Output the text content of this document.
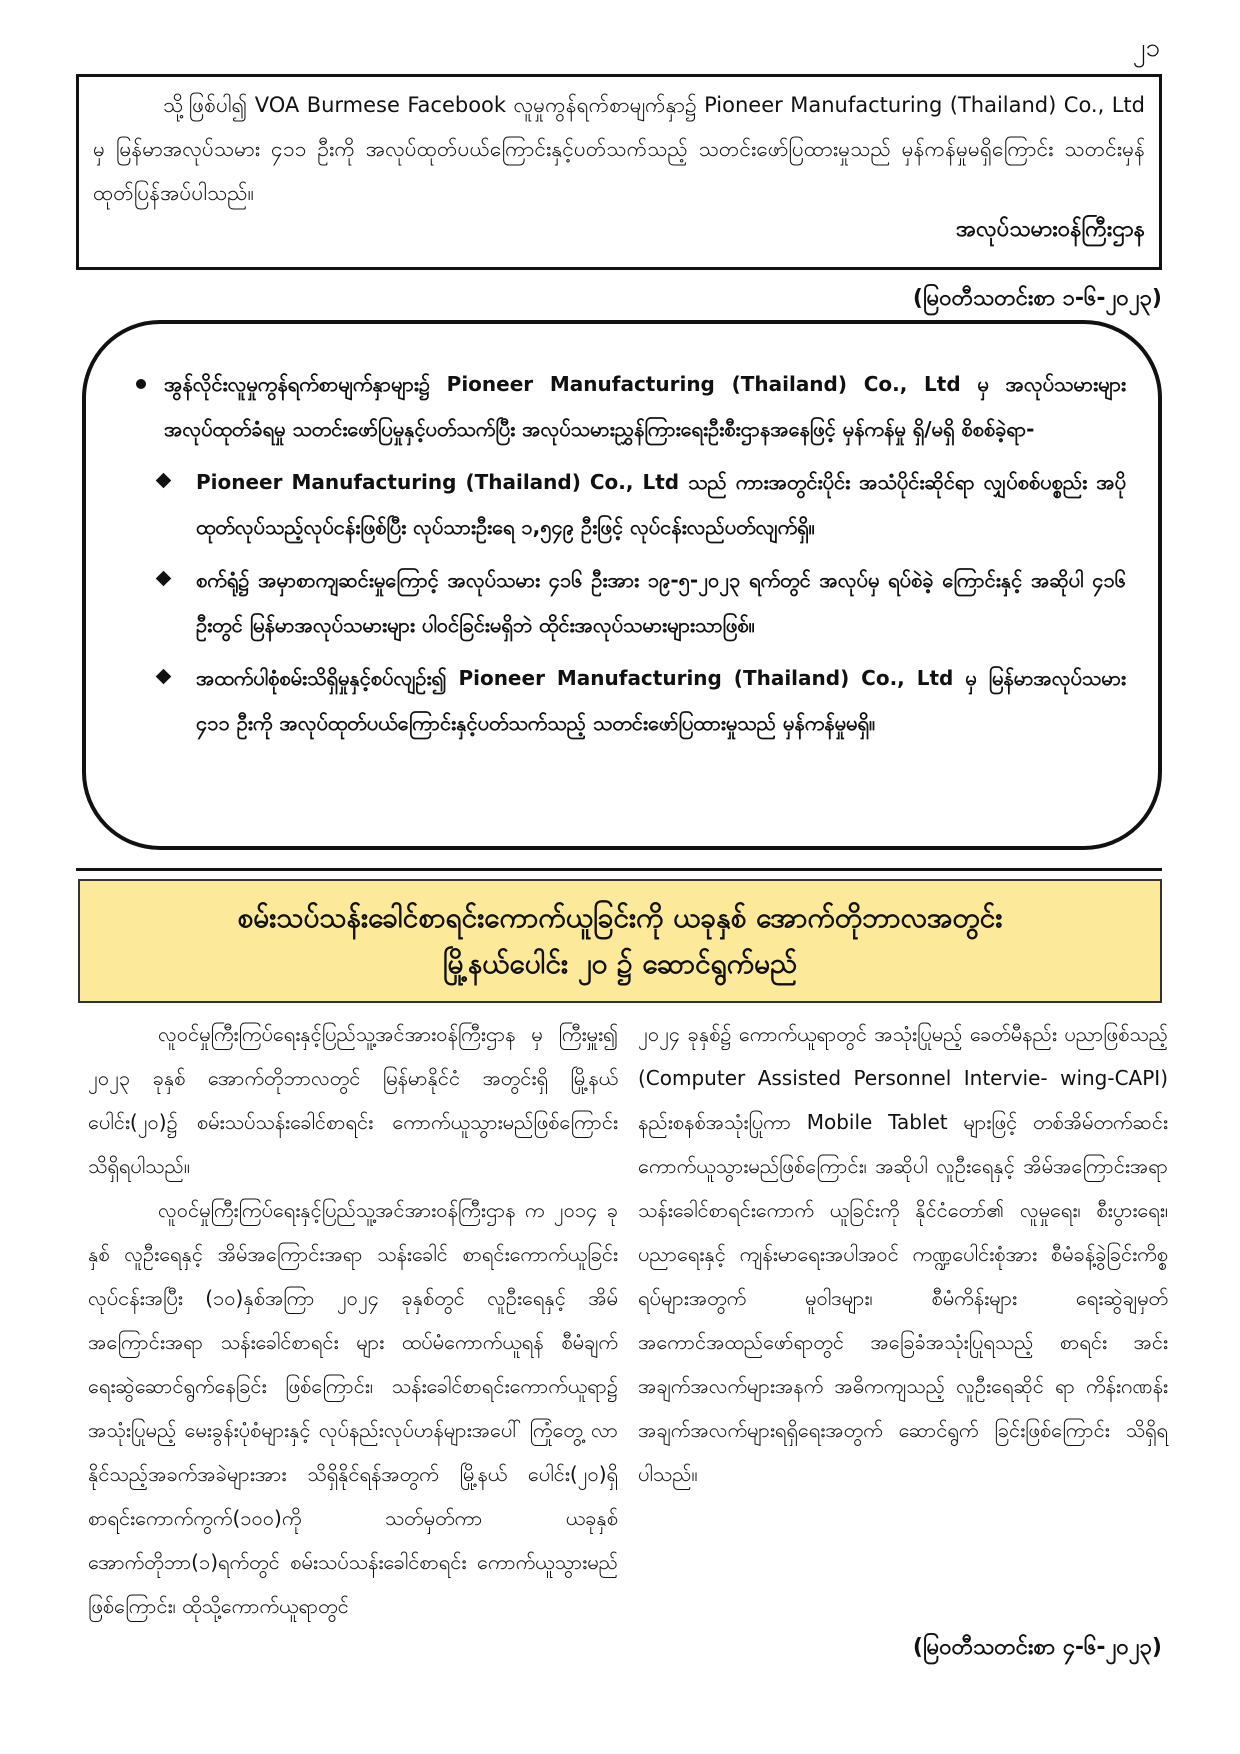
၂၁

သို့ဖြစ်ပါ၍ VOA Burmese Facebook လူမှုကွန်ရက်စာမျက်နှာ၌ Pioneer Manufacturing (Thailand) Co., Ltd မှ မြန်မာအလုပ်သမား ၄၁၁ ဦးကို အလုပ်ထုတ်ပယ်ကြောင်းနှင့်ပတ်သက်သည့် သတင်းဖော်ပြထားမှုသည် မှန်ကန်မှုမရှိကြောင်း သတင်းမှန်ထုတ်ပြန်အပ်ပါသည်။

အလုပ်သမားဝန်ကြီးဌာန
(မြဝတီသတင်းစာ ၁-၆-၂၀၂၃)
အွန်လိုင်းလူမှုကွန်ရက်စာမျက်နှာများ၌ Pioneer Manufacturing (Thailand) Co., Ltd မှ အလုပ်သမားများ အလုပ်ထုတ်ခံရမှု သတင်းဖော်ပြမှုနှင့်ပတ်သက်ပြီး အလုပ်သမားညွှန်ကြားရေးဦးစီးဌာနအနေဖြင့် မှန်ကန်မှု ရှိ/မရှိ စိစစ်ခဲ့ရာ-
Pioneer Manufacturing (Thailand) Co., Ltd သည် ကားအတွင်းပိုင်း အသံပိုင်းဆိုင်ရာ လျှပ်စစ်ပစ္စည်း အပိုထုတ်လုပ်သည့်လုပ်ငန်းဖြစ်ပြီး လုပ်သားဦးရေ ၁,၅၄၉ ဦးဖြင့် လုပ်ငန်းလည်ပတ်လျက်ရှိ။
စက်ရုံ၌ အမှာစာကျဆင်းမှုကြောင့် အလုပ်သမား ၄၁၆ ဦးအား ၁၉-၅-၂၀၂၃ ရက်တွင် အလုပ်မှ ရပ်စဲခဲ့ ကြောင်းနှင့် အဆိုပါ ၄၁၆ ဦးတွင် မြန်မာအလုပ်သမားများ ပါဝင်ခြင်းမရှိဘဲ ထိုင်းအလုပ်သမားများသာဖြစ်။
အထက်ပါစုံစမ်းသိရှိမှုနှင့်စပ်လျဉ်း၍ Pioneer Manufacturing (Thailand) Co., Ltd မှ မြန်မာအလုပ်သမား ၄၁၁ ဦးကို အလုပ်ထုတ်ပယ်ကြောင်းနှင့်ပတ်သက်သည့် သတင်းဖော်ပြထားမှုသည် မှန်ကန်မှုမရှိ။
စမ်းသပ်သန်းခေါင်စာရင်းကောက်ယူခြင်းကို ယခုနှစ် အောက်တိုဘာလအတွင်း
မြို့နယ်ပေါင်း ၂၀ ၌ ဆောင်ရွက်မည်

လူဝင်မှုကြီးကြပ်ရေးနှင့်ပြည်သူ့အင်အားဝန်ကြီးဌာန မှ ကြီးမှူး၍ ၂၀၂၃ ခုနှစ် အောက်တိုဘာလတွင် မြန်မာနိုင်ငံ အတွင်းရှိ မြို့နယ်ပေါင်း(၂၀)၌ စမ်းသပ်သန်းခေါင်စာရင်း ကောက်ယူသွားမည်ဖြစ်ကြောင်း သိရှိရပါသည်။

လူဝင်မှုကြီးကြပ်ရေးနှင့်ပြည်သူ့အင်အားဝန်ကြီးဌာန က ၂၀၁၄ ခုနှစ် လူဦးရေနှင့် အိမ်အကြောင်းအရာ သန်းခေါင် စာရင်းကောက်ယူခြင်းလုပ်ငန်းအပြီး (၁၀)နှစ်အကြာ ၂၀၂၄ ခုနှစ်တွင် လူဦးရေနှင့် အိမ်အကြောင်းအရာ သန်းခေါင်စာရင်း များ ထပ်မံကောက်ယူရန် စီမံချက်ရေးဆွဲဆောင်ရွက်နေခြင်း ဖြစ်ကြောင်း၊ သန်းခေါင်စာရင်းကောက်ယူရာ၌ အသုံးပြုမည့် မေးခွန်းပုံစံများနှင့် လုပ်နည်းလုပ်ဟန်များအပေါ် ကြုံတွေ့ လာနိုင်သည့်အခက်အခဲများအား သိရှိနိုင်ရန်အတွက် မြို့နယ် ပေါင်း(၂၀)ရှိ စာရင်းကောက်ကွက်(၁၀၀)ကို သတ်မှတ်ကာ ယခုနှစ် အောက်တိုဘာ(၁)ရက်တွင် စမ်းသပ်သန်းခေါင်စာရင်း ကောက်ယူသွားမည်ဖြစ်ကြောင်း၊ ထိုသို့ကောက်ယူရာတွင်

၂၀၂၄ ခုနှစ်၌ ကောက်ယူရာတွင် အသုံးပြုမည့် ခေတ်မီနည်း ပညာဖြစ်သည့် (Computer Assisted Personnel Intervie- wing-CAPI) နည်းစနစ်အသုံးပြုကာ Mobile Tablet များဖြင့် တစ်အိမ်တက်ဆင်း ကောက်ယူသွားမည်ဖြစ်ကြောင်း၊ အဆိုပါ လူဦးရေနှင့် အိမ်အကြောင်းအရာ သန်းခေါင်စာရင်းကောက် ယူခြင်းကို နိုင်ငံတော်၏ လူမှုရေး၊ စီးပွားရေး၊ ပညာရေးနှင့် ကျန်းမာရေးအပါအဝင် ကဏ္ဍပေါင်းစုံအား စီမံခန့်ခွဲခြင်းကိစ္စ ရပ်များအတွက် မူဝါဒများ၊ စီမံကိန်းများ ရေးဆွဲချမှတ် အကောင်အထည်ဖော်ရာတွင် အခြေခံအသုံးပြုရသည့် စာရင်း အင်းအချက်အလက်များအနက် အဓိကကျသည့် လူဦးရေဆိုင် ရာ ကိန်းဂဏန်းအချက်အလက်များရရှိရေးအတွက် ဆောင်ရွက် ခြင်းဖြစ်ကြောင်း သိရှိရပါသည်။

(မြဝတီသတင်းစာ ၄-၆-၂၀၂၃)
